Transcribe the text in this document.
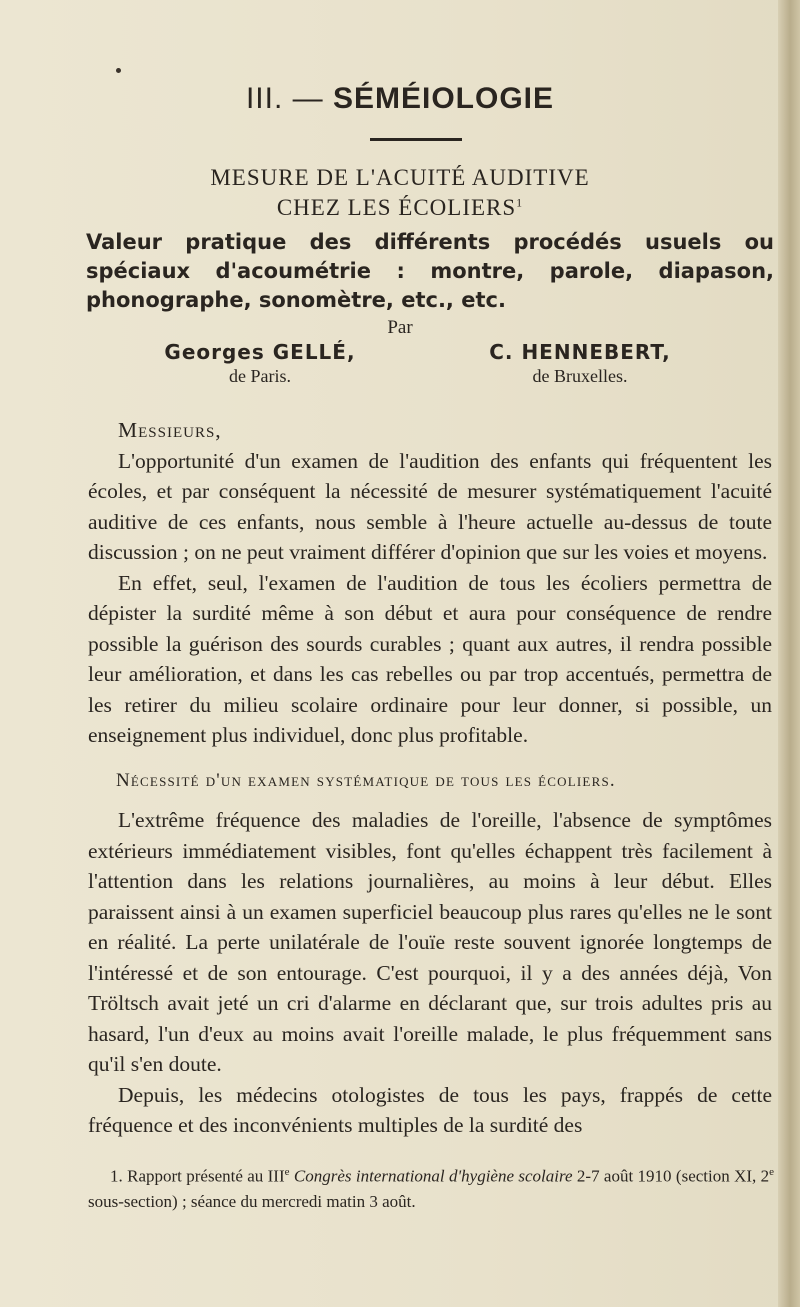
III. — SÉMÉIOLOGIE
MESURE DE L'ACUITÉ AUDITIVE
CHEZ LES ÉCOLIERS$^1$
Valeur pratique des différents procédés usuels ou spéciaux d'acoumétrie : montre, parole, diapason, phonographe, sonomètre, etc., etc.
Par
Georges GELLÉ,
de Paris.
C. HENNEBERT,
de Bruxelles.

Messieurs,

L'opportunité d'un examen de l'audition des enfants qui fréquentent les écoles, et par conséquent la nécessité de mesurer systématiquement l'acuité auditive de ces enfants, nous semble à l'heure actuelle au-dessus de toute discussion ; on ne peut vraiment différer d'opinion que sur les voies et moyens.

En effet, seul, l'examen de l'audition de tous les écoliers permettra de dépister la surdité même à son début et aura pour conséquence de rendre possible la guérison des sourds curables ; quant aux autres, il rendra possible leur amélioration, et dans les cas rebelles ou par trop accentués, permettra de les retirer du milieu scolaire ordinaire pour leur donner, si possible, un enseignement plus individuel, donc plus profitable.

Nécessité d'un examen systématique de tous les écoliers.

L'extrême fréquence des maladies de l'oreille, l'absence de symptômes extérieurs immédiatement visibles, font qu'elles échappent très facilement à l'attention dans les relations journalières, au moins à leur début. Elles paraissent ainsi à un examen superficiel beaucoup plus rares qu'elles ne le sont en réalité. La perte unilatérale de l'ouïe reste souvent ignorée longtemps de l'intéressé et de son entourage. C'est pourquoi, il y a des années déjà, Von Tröltsch avait jeté un cri d'alarme en déclarant que, sur trois adultes pris au hasard, l'un d'eux au moins avait l'oreille malade, le plus fréquemment sans qu'il s'en doute.

Depuis, les médecins otologistes de tous les pays, frappés de cette fréquence et des inconvénients multiples de la surdité des

1. Rapport présenté au IIIe Congrès international d'hygiène scolaire 2-7 août 1910 (section XI, 2e sous-section) ; séance du mercredi matin 3 août.
